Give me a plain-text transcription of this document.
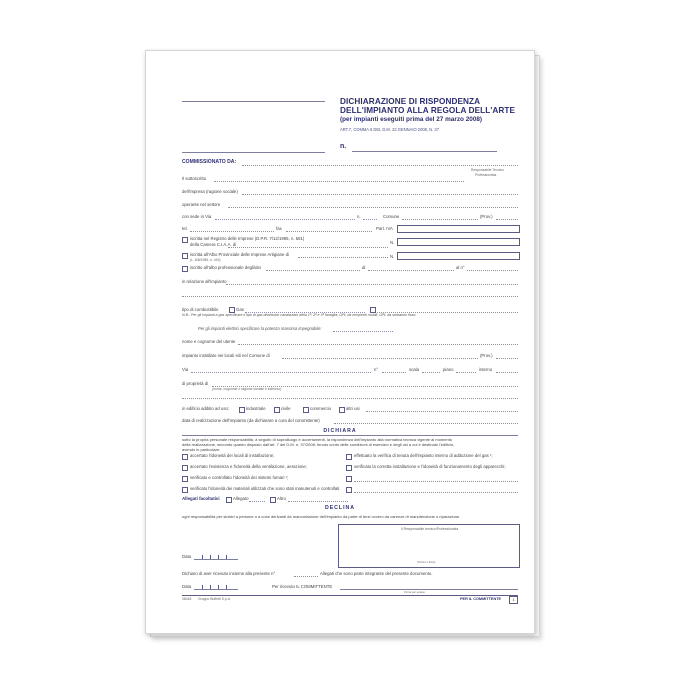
DICHIARAZIONE DI RISPONDENZA
DELL'IMPIANTO ALLA REGOLA DELL'ARTE
(per impianti eseguiti prima del 27 marzo 2008)
ART.7, COMMA 6 DEL D.M. 22 GENNAIO 2008, N. 37
n.
COMMISSIONATO DA:
Responsabile Tecnico
Professionista
Il sottoscritto
dell'impresa (ragione sociale)
operante nel settore
con sede in Via	n.	Comune	(Prov.)
tel.	fax	Part. IVA
iscritta nel Registro delle Imprese (D.P.R. 7/12/1995, n. 581)
della Camera C.I.A.A. di	N.
iscritta all'Albo Provinciale delle Imprese Artigiane di
(L. 8/8/1985, n. 443)
N.
iscritto all'albo professionale degli/dei	di	al n°
in relazione all'impianto
tipo di combustibile	Gas
N.B.: Per gli impianti a gas specificare il tipo di gas distributor canalizzato della 1ª, 2ª e 3ª famiglia; GPL da recipienti mobili; GPL da serbatoio fisso.
Per gli impianti elettrici specificare la potenza massima impegnabile:
nome e cognome del utente
impianto installato nei locali siti nel Comune di	(Prov.)
Via	n°	scala	piano	interno
di proprietà di
(nome, cognome o ragione sociale e indirizzo)
in edificio adibito ad uso:	industriale	civile	commercio	altri usi
data di realizzazione dell'impianto (da dichiarare a cura del committente)
DICHIARA
sotto la propria personale responsabilità, a seguito di sopralluogo e accertamenti, la rispondenza dell'impianto alla normativa tecnica vigente al momento
della realizzazione, secondo quanto disposto dall'art. 7 del D.M. n. 37/2008, tenuto conto delle condizioni di esercizio e degli usi a cui è destinato l'edificio,
avendo in particolare:
accertato l'idoneità dei locali di installazione;	effettuato la verifica di tenuta dell'impianto interno di adduzione del gas ¹;
accertato l'esistenza e l'idoneità della ventilazione, aerazione;	verificato la corretta installazione e l'idoneità di funzionamento degli apparecchi;
verificato e controllato l'idoneità dei sistemi fumari ¹;
verificato l'idoneità dei materiali utilizzati che sono stati manutenuti e controllati
Allegati facoltativi	Allegato	Altro
DECLINA
ogni responsabilità per sinistri a persone o a cose derivanti da manomissione dell'impianto da parte di terzi ovvero da carenze di manutenzione o riparazione.
Il Responsabile tecnico/Professionista
(Timbro e firma)
Data
Dichiaro di aver ricevuto insieme alla presente n°	Allegati che sono parte integrante del presente documento.
Data	Per ricevuto IL COMMITTENTE
Firma per esteso
08445 Gruppo Buffetti S.p.A.	PER IL COMMITTENTE	1
